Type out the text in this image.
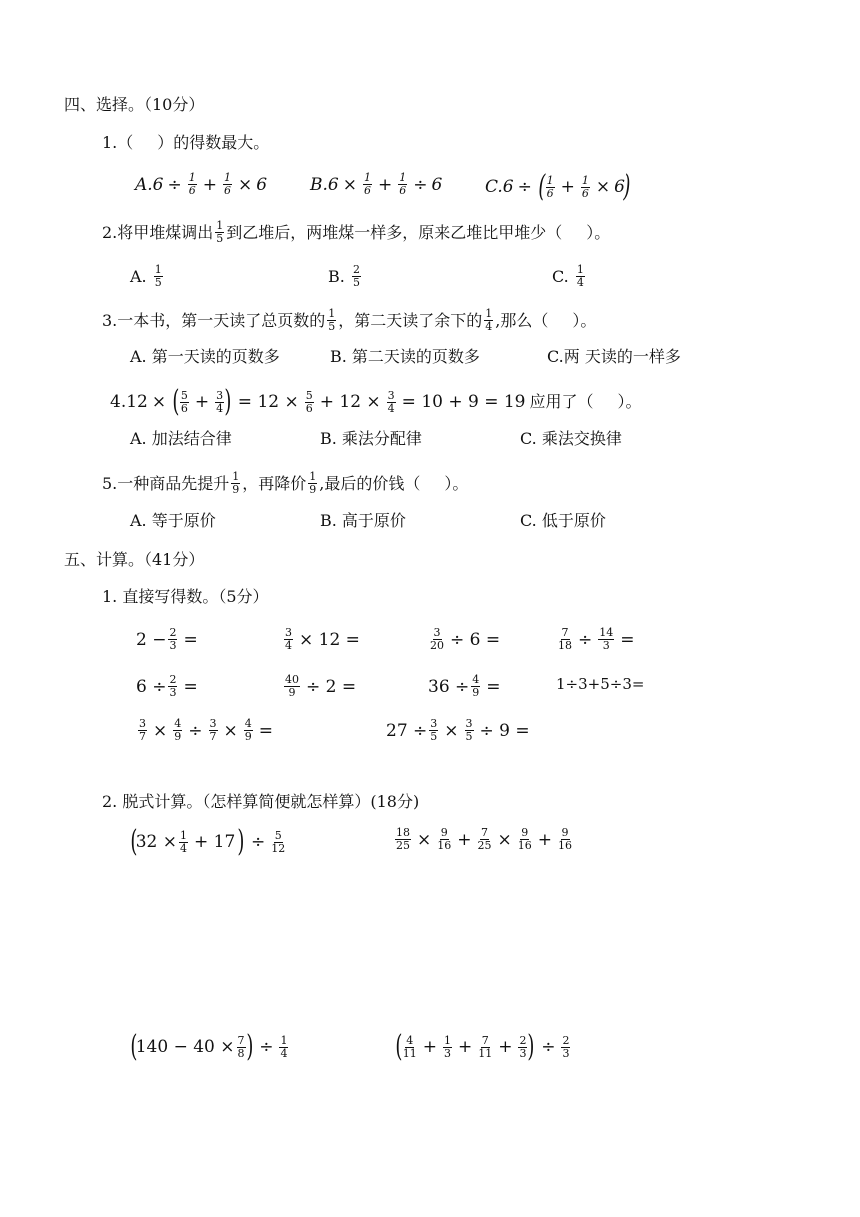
四、选择。（10分）
1.（ ）的得数最大。
$A.6 \div \frac{1}{6} + \frac{1}{6} \times 6$	$B.6 \times \frac{1}{6} + \frac{1}{6} \div 6$	C.6 ÷ ( 1
$6 + \frac{1}{6} \times 6$
)
2.将甲堆煤调出 1
5 到乙堆后，两堆煤一样多，原来乙堆比甲堆少（ ）。
A.
1
5	B.
2
5	C.
1
4
3.一本书，第一天读了总页数的 1
5 ，第二天读了余下的 1
4 ,那么（ ）。
A. 第一天读的页数多	B. 第二天读的页数多	C.两 天读的一样多
4.12 × ( 5
$6 + \frac{3}{4}$ ) = $12 \times \frac{5}{6} + 12 \times \frac{3}{4} = 10 + 9 = 19$ 应用了（ ）。
A. 加法结合律	B. 乘法分配律	C. 乘法交换律
5.一种商品先提升 1
9 ，再降价 1
9 ,最后的价钱（ ）。
A. 等于原价	B. 高于原价	C. 低于原价
五、计算。（41分）
1. 直接写得数。（5分）
$2 - \frac{2}{3}$ =	$\frac{3}{4} \times 12$ =	$\frac{3}{20} \div 6$ =	$\frac{7}{18} \div \frac{14}{3}$ =
$6 \div \frac{2}{3}$ =	$\frac{40}{9} \div 2$ =	$36 \div \frac{4}{9}$ =	1÷3+5÷3=
$\frac{3}{7} \times \frac{4}{9} \div \frac{3}{7} \times \frac{4}{9}$ =	$27 \div \frac{3}{5} \times \frac{3}{5} \div 9$ =
2. 脱式计算。（怎样算简便就怎样算）(18分)
(
$32 \times \frac{1}{4} + 17$ ) ÷ $\frac{5}{12}$	$\frac{18}{25} \times \frac{9}{16} + \frac{7}{25} \times \frac{9}{16} + \frac{9}{16}$
(
$140 - 40 \times \frac{7}{8}$ ) ÷ $\frac{1}{4}$	( 4
$11 + \frac{1}{3} + \frac{7}{11} + \frac{2}{3}$ ) ÷ $\frac{2}{3}$
